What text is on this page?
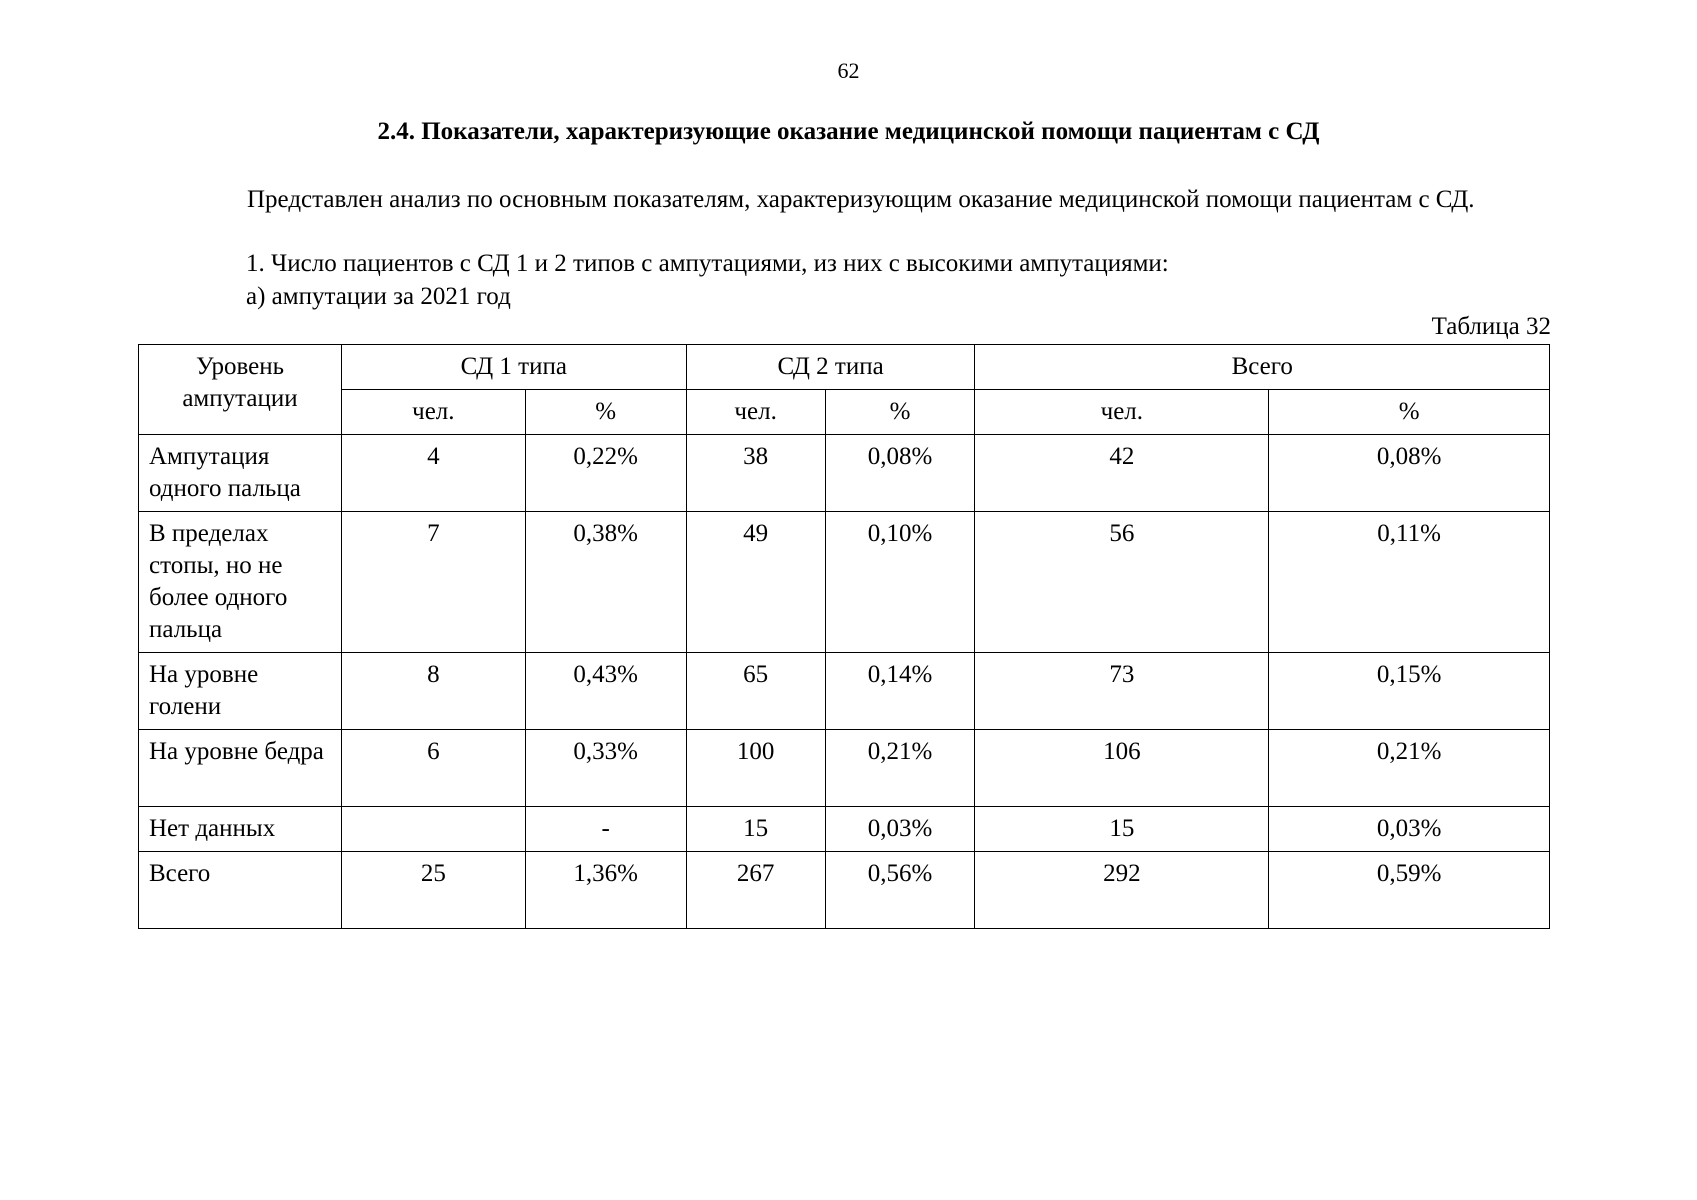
62
2.4. Показатели, характеризующие оказание медицинской помощи пациентам с СД

Представлен анализ по основным показателям, характеризующим оказание медицинской помощи пациентам с СД.

1. Число пациентов с СД 1 и 2 типов с ампутациями, из них с высокими ампутациями:
а) ампутации за 2021 год
Таблица 32
Уровень ампутации	СД 1 типа		СД 2 типа		Всего	
	чел.	%	чел.	%	чел.	%
Ампутация одного пальца	4	0,22%	38	0,08%	42	0,08%
В пределах стопы, но не более одного пальца	7	0,38%	49	0,10%	56	0,11%
На уровне голени	8	0,43%	65	0,14%	73	0,15%
На уровне бедра	6	0,33%	100	0,21%	106	0,21%
Нет данных		-	15	0,03%	15	0,03%
Всего	25	1,36%	267	0,56%	292	0,59%
